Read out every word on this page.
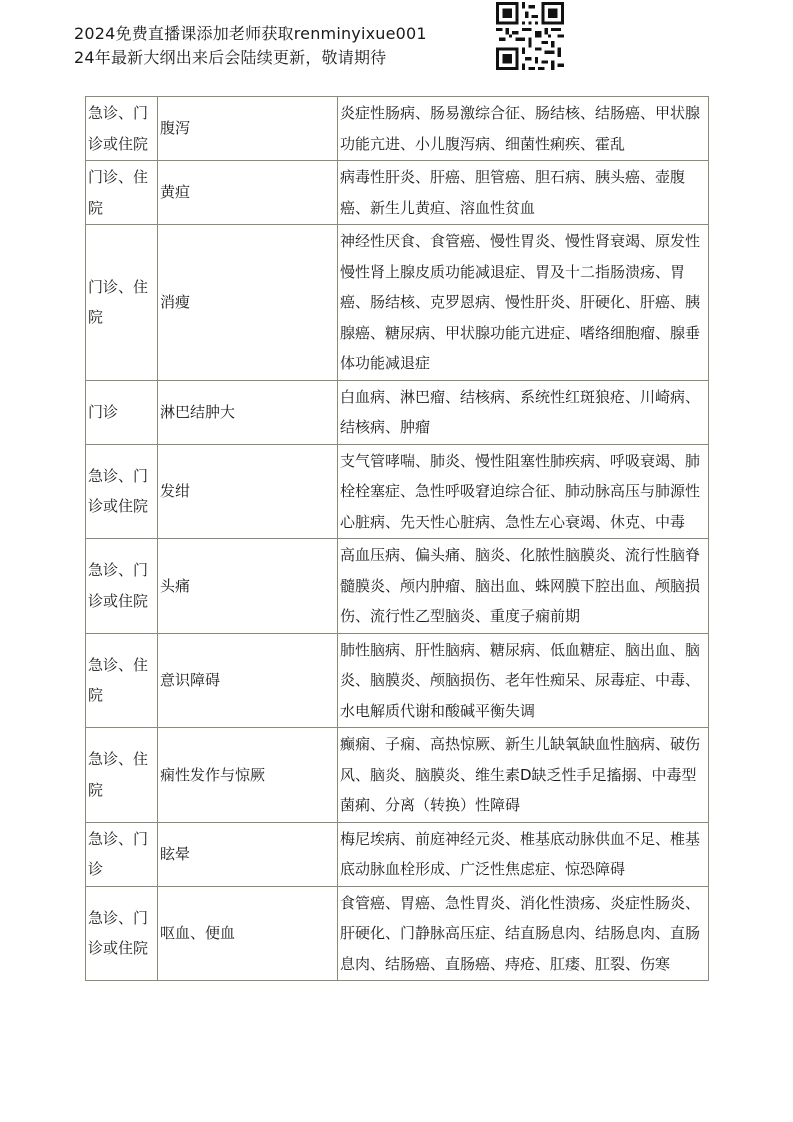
2024免费直播课添加老师获取renminyixue001
24年最新大纲出来后会陆续更新，敬请期待
急诊、门诊或住院	腹泻	炎症性肠病、肠易激综合征、肠结核、结肠癌、甲状腺功能亢进、小儿腹泻病、细菌性痢疾、霍乱
门诊、住院	黄疸	病毒性肝炎、肝癌、胆管癌、胆石病、胰头癌、壶腹癌、新生儿黄疸、溶血性贫血
门诊、住院	消瘦	神经性厌食、食管癌、慢性胃炎、慢性肾衰竭、原发性慢性肾上腺皮质功能减退症、胃及十二指肠溃疡、胃癌、肠结核、克罗恩病、慢性肝炎、肝硬化、肝癌、胰腺癌、糖尿病、甲状腺功能亢进症、嗜络细胞瘤、腺垂体功能减退症
门诊	淋巴结肿大	白血病、淋巴瘤、结核病、系统性红斑狼疮、川崎病、结核病、肿瘤
急诊、门诊或住院	发绀	支气管哮喘、肺炎、慢性阻塞性肺疾病、呼吸衰竭、肺栓栓塞症、急性呼吸窘迫综合征、肺动脉高压与肺源性心脏病、先天性心脏病、急性左心衰竭、休克、中毒
急诊、门诊或住院	头痛	高血压病、偏头痛、脑炎、化脓性脑膜炎、流行性脑脊髓膜炎、颅内肿瘤、脑出血、蛛网膜下腔出血、颅脑损伤、流行性乙型脑炎、重度子痫前期
急诊、住院	意识障碍	肺性脑病、肝性脑病、糖尿病、低血糖症、脑出血、脑炎、脑膜炎、颅脑损伤、老年性痴呆、尿毒症、中毒、水电解质代谢和酸碱平衡失调
急诊、住院	痫性发作与惊厥	癫痫、子痫、高热惊厥、新生儿缺氧缺血性脑病、破伤风、脑炎、脑膜炎、维生素D缺乏性手足搐搦、中毒型菌痢、分离（转换）性障碍
急诊、门诊	眩晕	梅尼埃病、前庭神经元炎、椎基底动脉供血不足、椎基底动脉血栓形成、广泛性焦虑症、惊恐障碍
急诊、门诊或住院	呕血、便血	食管癌、胃癌、急性胃炎、消化性溃疡、炎症性肠炎、肝硬化、门静脉高压症、结直肠息肉、结肠息肉、直肠息肉、结肠癌、直肠癌、痔疮、肛瘘、肛裂、伤寒
